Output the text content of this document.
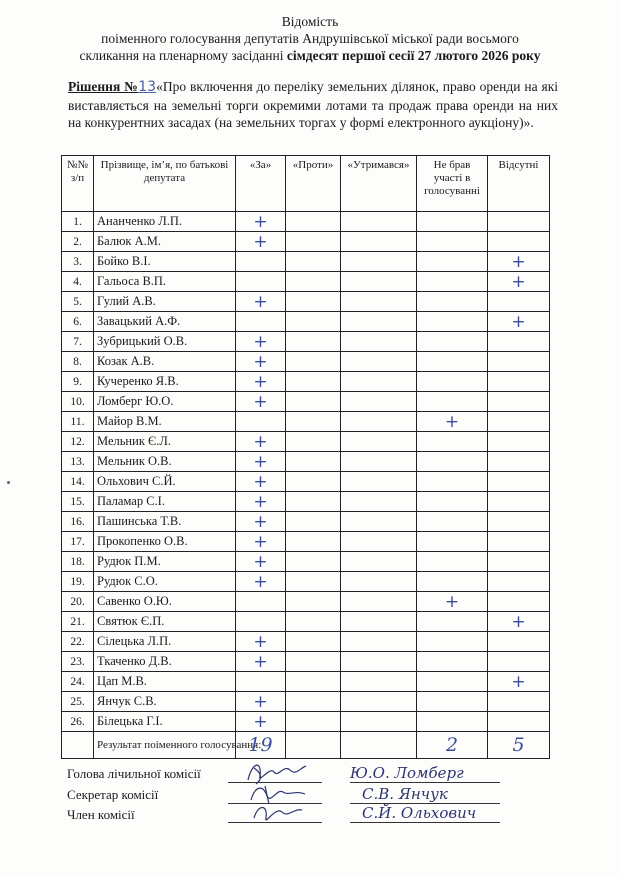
Відомість
поіменного голосування депутатів Андрушівської міської ради восьмого
скликання на пленарному засіданні сімдесят першої сесії 27 лютого 2026 року
Рішення №13«Про включення до переліку земельних ділянок, право оренди на які виставляється на земельні торги окремими лотами та продаж права оренди на них на конкурентних засадах (на земельних торгах у формі електронного аукціону)».
№№ з/п	Прізвище, ім’я, по батькові депутата	«За»	«Проти»	«Утримався»	Не брав участі в голосуванні	Відсутні
1.	Ананченко Л.П.	+				
2.	Балюк А.М.	+				
3.	Бойко В.І.					+
4.	Гальоса В.П.					+
5.	Гулий А.В.	+				
6.	Завацький А.Ф.					+
7.	Зубрицький О.В.	+				
8.	Козак А.В.	+				
9.	Кучеренко Я.В.	+				
10.	Ломберг Ю.О.	+				
11.	Майор В.М.				+	
12.	Мельник Є.Л.	+				
13.	Мельник О.В.	+				
14.	Ольхович С.Й.	+				
15.	Паламар С.І.	+				
16.	Пашинська Т.В.	+				
17.	Прокопенко О.В.	+				
18.	Рудюк П.М.	+				
19.	Рудюк С.О.	+				
20.	Савенко О.Ю.				+	
21.	Святюк Є.П.					+
22.	Сілецька Л.П.	+				
23.	Ткаченко Д.В.	+				
24.	Цап М.В.					+
25.	Янчук С.В.	+				
26.	Білецька Г.І.	+				
	Результат поіменного голосування:	19			2	5
Голова лічильної комісії	Ю.О. Ломберг
Секретар комісії	С.В. Янчук
Член комісії	С.Й. Ольхович
